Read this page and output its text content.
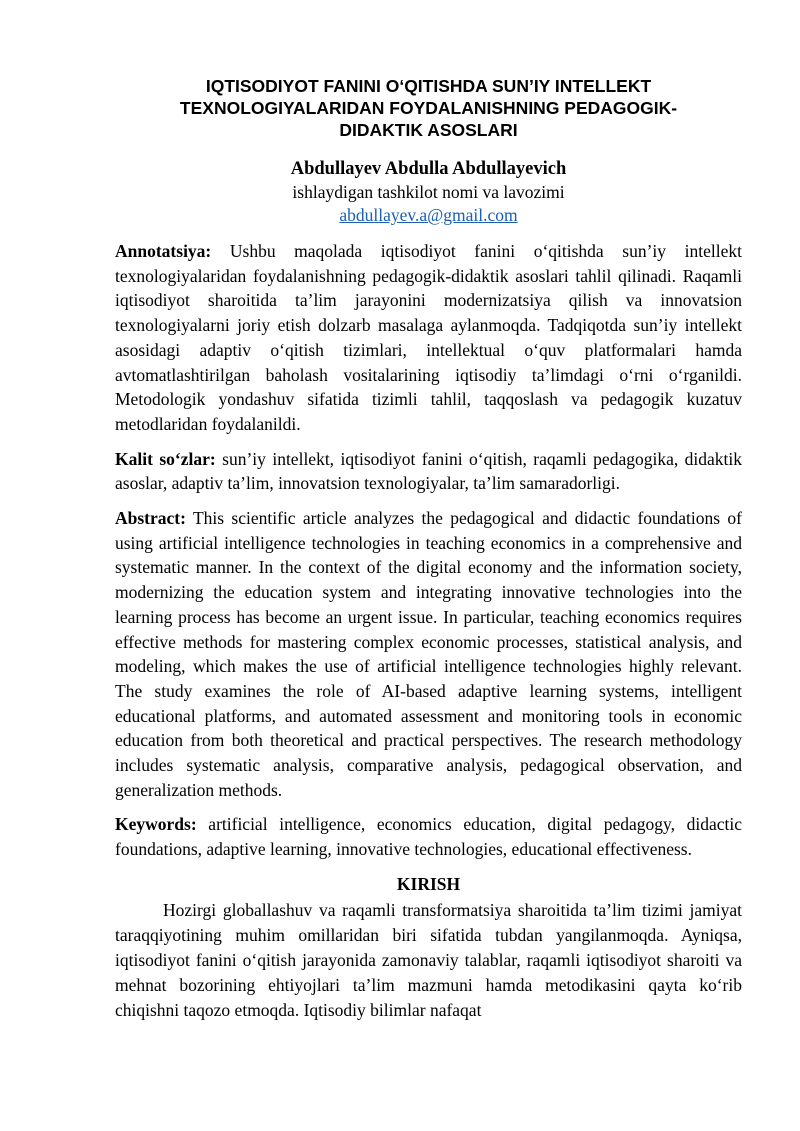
IQTISODIYOT FANINI O‘QITISHDA SUN’IY INTELLEKT
TEXNOLOGIYALARIDAN FOYDALANISHNING PEDAGOGIK-
DIDAKTIK ASOSLARI
Abdullayev Abdulla Abdullayevich
ishlaydigan tashkilot nomi va lavozimi
abdullayev.a@gmail.com

Annotatsiya: Ushbu maqolada iqtisodiyot fanini o‘qitishda sun’iy intellekt texnologiyalaridan foydalanishning pedagogik-didaktik asoslari tahlil qilinadi. Raqamli iqtisodiyot sharoitida ta’lim jarayonini modernizatsiya qilish va innovatsion texnologiyalarni joriy etish dolzarb masalaga aylanmoqda. Tadqiqotda sun’iy intellekt asosidagi adaptiv o‘qitish tizimlari, intellektual o‘quv platformalari hamda avtomatlashtirilgan baholash vositalarining iqtisodiy ta’limdagi o‘rni o‘rganildi. Metodologik yondashuv sifatida tizimli tahlil, taqqoslash va pedagogik kuzatuv metodlaridan foydalanildi.

Kalit so‘zlar: sun’iy intellekt, iqtisodiyot fanini o‘qitish, raqamli pedagogika, didaktik asoslar, adaptiv ta’lim, innovatsion texnologiyalar, ta’lim samaradorligi.

Abstract: This scientific article analyzes the pedagogical and didactic foundations of using artificial intelligence technologies in teaching economics in a comprehensive and systematic manner. In the context of the digital economy and the information society, modernizing the education system and integrating innovative technologies into the learning process has become an urgent issue. In particular, teaching economics requires effective methods for mastering complex economic processes, statistical analysis, and modeling, which makes the use of artificial intelligence technologies highly relevant. The study examines the role of AI-based adaptive learning systems, intelligent educational platforms, and automated assessment and monitoring tools in economic education from both theoretical and practical perspectives. The research methodology includes systematic analysis, comparative analysis, pedagogical observation, and generalization methods.

Keywords: artificial intelligence, economics education, digital pedagogy, didactic foundations, adaptive learning, innovative technologies, educational effectiveness.

KIRISH

Hozirgi globallashuv va raqamli transformatsiya sharoitida ta’lim tizimi jamiyat taraqqiyotining muhim omillaridan biri sifatida tubdan yangilanmoqda. Ayniqsa, iqtisodiyot fanini o‘qitish jarayonida zamonaviy talablar, raqamli iqtisodiyot sharoiti va mehnat bozorining ehtiyojlari ta’lim mazmuni hamda metodikasini qayta ko‘rib chiqishni taqozo etmoqda. Iqtisodiy bilimlar nafaqat
